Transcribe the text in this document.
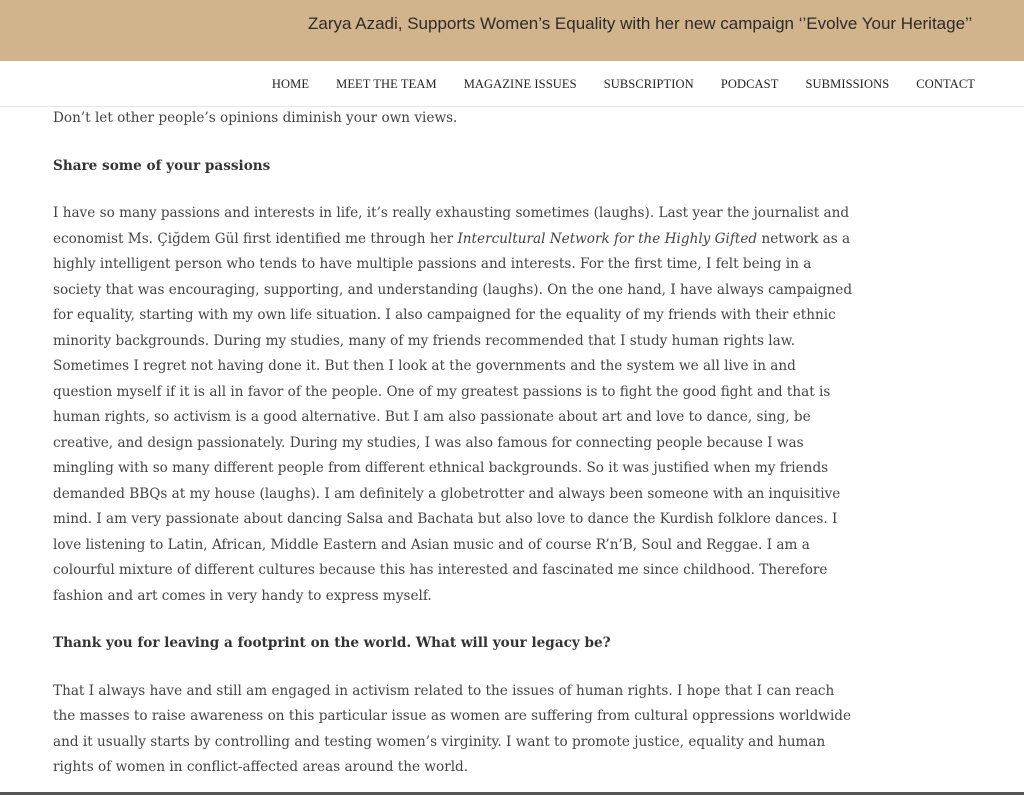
Zarya Azadi, Supports Women’s Equality with her new campaign ‘’Evolve Your Heritage’’
HOME MEET THE TEAM MAGAZINE ISSUES SUBSCRIPTION PODCAST SUBMISSIONS CONTACT

Don’t let other people’s opinions diminish your own views.

Share some of your passions

I have so many passions and interests in life, it’s really exhausting sometimes (laughs). Last year the journalist and economist Ms. Çiğdem Gül first identified me through her Intercultural Network for the Highly Gifted network as a highly intelligent person who tends to have multiple passions and interests. For the first time, I felt being in a society that was encouraging, supporting, and understanding (laughs). On the one hand, I have always campaigned for equality, starting with my own life situation. I also campaigned for the equality of my friends with their ethnic minority backgrounds. During my studies, many of my friends recommended that I study human rights law. Sometimes I regret not having done it. But then I look at the governments and the system we all live in and question myself if it is all in favor of the people. One of my greatest passions is to fight the good fight and that is human rights, so activism is a good alternative. But I am also passionate about art and love to dance, sing, be creative, and design passionately. During my studies, I was also famous for connecting people because I was mingling with so many different people from different ethnical backgrounds. So it was justified when my friends demanded BBQs at my house (laughs). I am definitely a globetrotter and always been someone with an inquisitive mind. I am very passionate about dancing Salsa and Bachata but also love to dance the Kurdish folklore dances. I love listening to Latin, African, Middle Eastern and Asian music and of course R’n’B, Soul and Reggae. I am a colourful mixture of different cultures because this has interested and fascinated me since childhood. Therefore fashion and art comes in very handy to express myself.

Thank you for leaving a footprint on the world. What will your legacy be?

That I always have and still am engaged in activism related to the issues of human rights. I hope that I can reach the masses to raise awareness on this particular issue as women are suffering from cultural oppressions worldwide and it usually starts by controlling and testing women’s virginity. I want to promote justice, equality and human rights of women in conflict-affected areas around the world.
